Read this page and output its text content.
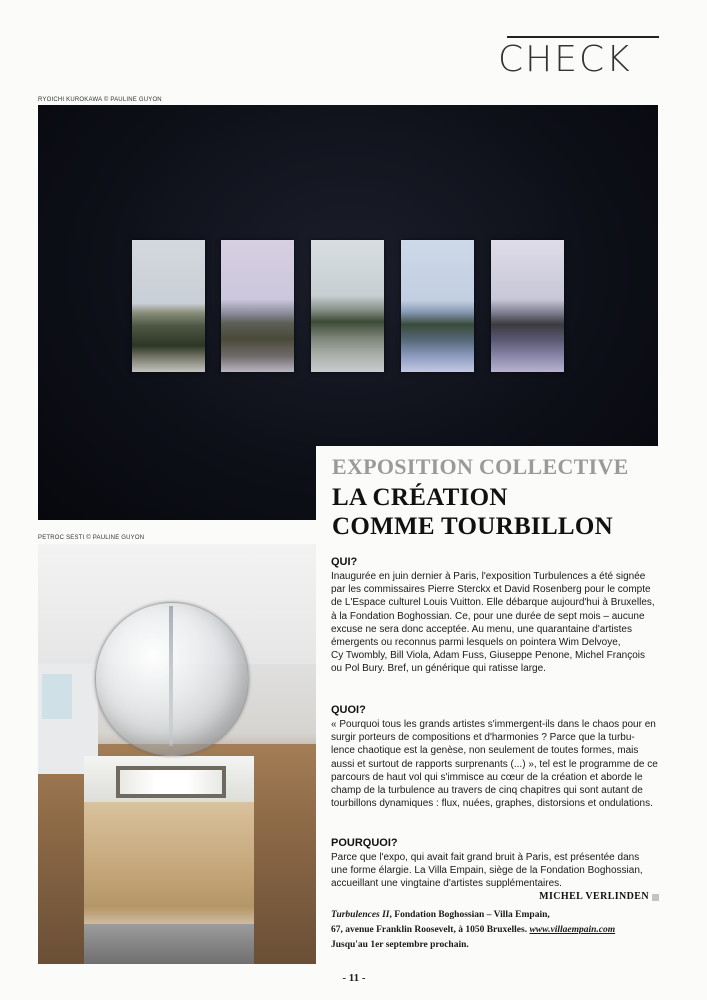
CHECK
RYOICHI KUROKAWA © PAULINE GUYON
EXPOSITION COLLECTIVE
LA CRÉATION
COMME TOURBILLON
PETROC SESTI © PAULINE GUYON
QUI?
Inaugurée en juin dernier à Paris, l'exposition Turbulences a été signée
par les commissaires Pierre Sterckx et David Rosenberg pour le compte
de L'Espace culturel Louis Vuitton. Elle débarque aujourd'hui à Bruxelles,
à la Fondation Boghossian. Ce, pour une durée de sept mois – aucune
excuse ne sera donc acceptée. Au menu, une quarantaine d'artistes
émergents ou reconnus parmi lesquels on pointera Wim Delvoye,
Cy Twombly, Bill Viola, Adam Fuss, Giuseppe Penone, Michel François
ou Pol Bury. Bref, un générique qui ratisse large.
QUOI?
« Pourquoi tous les grands artistes s'immergent-ils dans le chaos pour en
surgir porteurs de compositions et d'harmonies ? Parce que la turbu-
lence chaotique est la genèse, non seulement de toutes formes, mais
aussi et surtout de rapports surprenants (...) », tel est le programme de ce
parcours de haut vol qui s'immisce au cœur de la création et aborde le
champ de la turbulence au travers de cinq chapitres qui sont autant de
tourbillons dynamiques : flux, nuées, graphes, distorsions et ondulations.
POURQUOI?
Parce que l'expo, qui avait fait grand bruit à Paris, est présentée dans
une forme élargie. La Villa Empain, siège de la Fondation Boghossian,
accueillant une vingtaine d'artistes supplémentaires.
MICHEL VERLINDEN
Turbulences II, Fondation Boghossian – Villa Empain,
67, avenue Franklin Roosevelt, à 1050 Bruxelles. www.villaempain.com
Jusqu'au 1er septembre prochain.
- 11 -
